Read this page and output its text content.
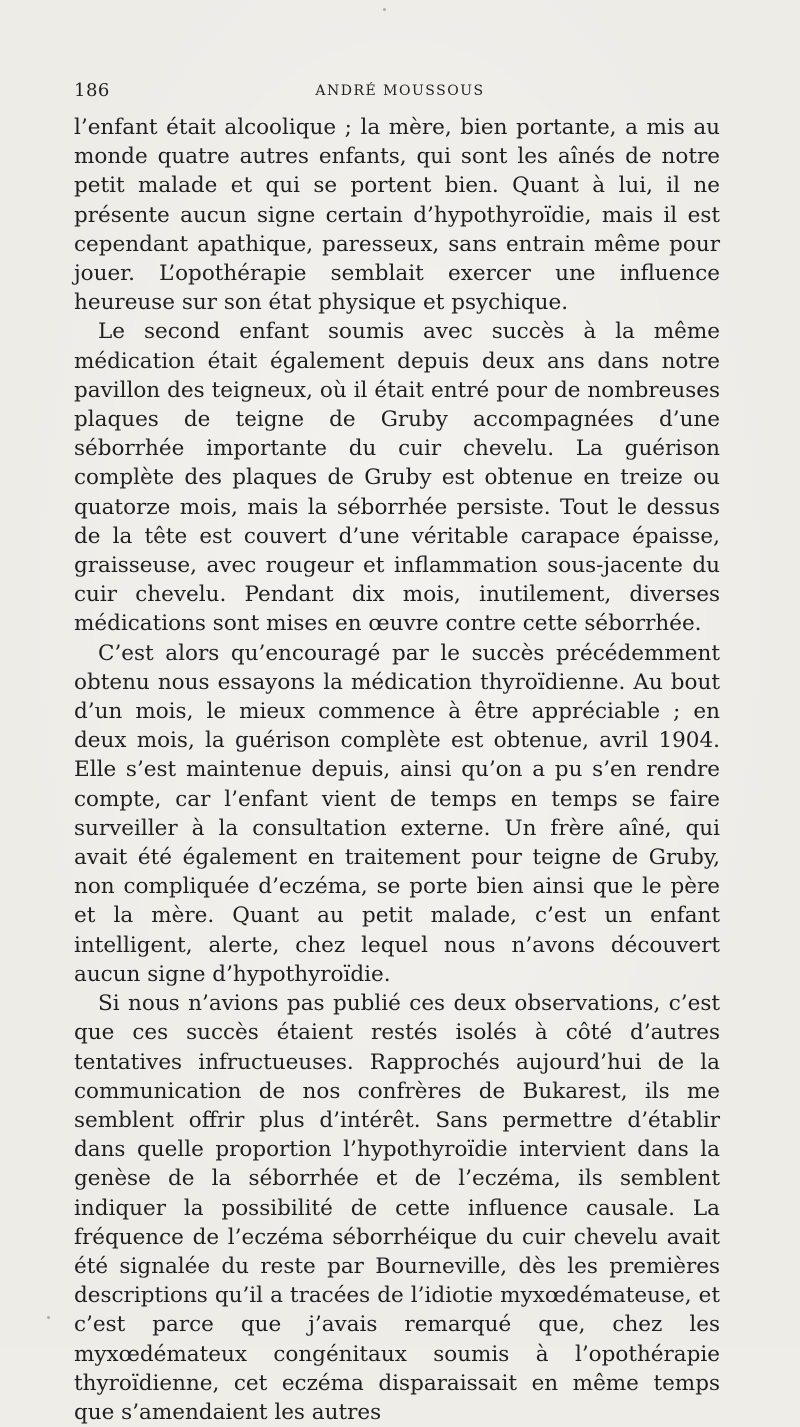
186	ANDRÉ MOUSSOUS

l’enfant était alcoolique ; la mère, bien portante, a mis au monde quatre autres enfants, qui sont les aînés de notre petit malade et qui se portent bien. Quant à lui, il ne présente aucun signe certain d’hypothyroïdie, mais il est cependant apathique, paresseux, sans entrain même pour jouer. L’opothérapie semblait exercer une influence heureuse sur son état physique et psychique.

Le second enfant soumis avec succès à la même médication était également depuis deux ans dans notre pavillon des teigneux, où il était entré pour de nombreuses plaques de teigne de Gruby accompagnées d’une séborrhée importante du cuir chevelu. La guérison complète des plaques de Gruby est obtenue en treize ou quatorze mois, mais la séborrhée persiste. Tout le dessus de la tête est couvert d’une véritable carapace épaisse, graisseuse, avec rougeur et inflammation sous-jacente du cuir chevelu. Pendant dix mois, inutilement, diverses médications sont mises en œuvre contre cette séborrhée.

C’est alors qu’encouragé par le succès précédemment obtenu nous essayons la médication thyroïdienne. Au bout d’un mois, le mieux commence à être appréciable ; en deux mois, la guérison complète est obtenue, avril 1904. Elle s’est maintenue depuis, ainsi qu’on a pu s’en rendre compte, car l’enfant vient de temps en temps se faire surveiller à la consultation externe. Un frère aîné, qui avait été également en traitement pour teigne de Gruby, non compliquée d’eczéma, se porte bien ainsi que le père et la mère. Quant au petit malade, c’est un enfant intelligent, alerte, chez lequel nous n’avons découvert aucun signe d’hypothyroïdie.

Si nous n’avions pas publié ces deux observations, c’est que ces succès étaient restés isolés à côté d’autres tentatives infructueuses. Rapprochés aujourd’hui de la communication de nos confrères de Bukarest, ils me semblent offrir plus d’intérêt. Sans permettre d’établir dans quelle proportion l’hypothyroïdie intervient dans la genèse de la séborrhée et de l’eczéma, ils semblent indiquer la possibilité de cette influence causale. La fréquence de l’eczéma séborrhéique du cuir chevelu avait été signalée du reste par Bourneville, dès les premières descriptions qu’il a tracées de l’idiotie myxœdémateuse, et c’est parce que j’avais remarqué que, chez les myxœdémateux congénitaux soumis à l’opothérapie thyroïdienne, cet eczéma disparaissait en même temps que s’amendaient les autres
